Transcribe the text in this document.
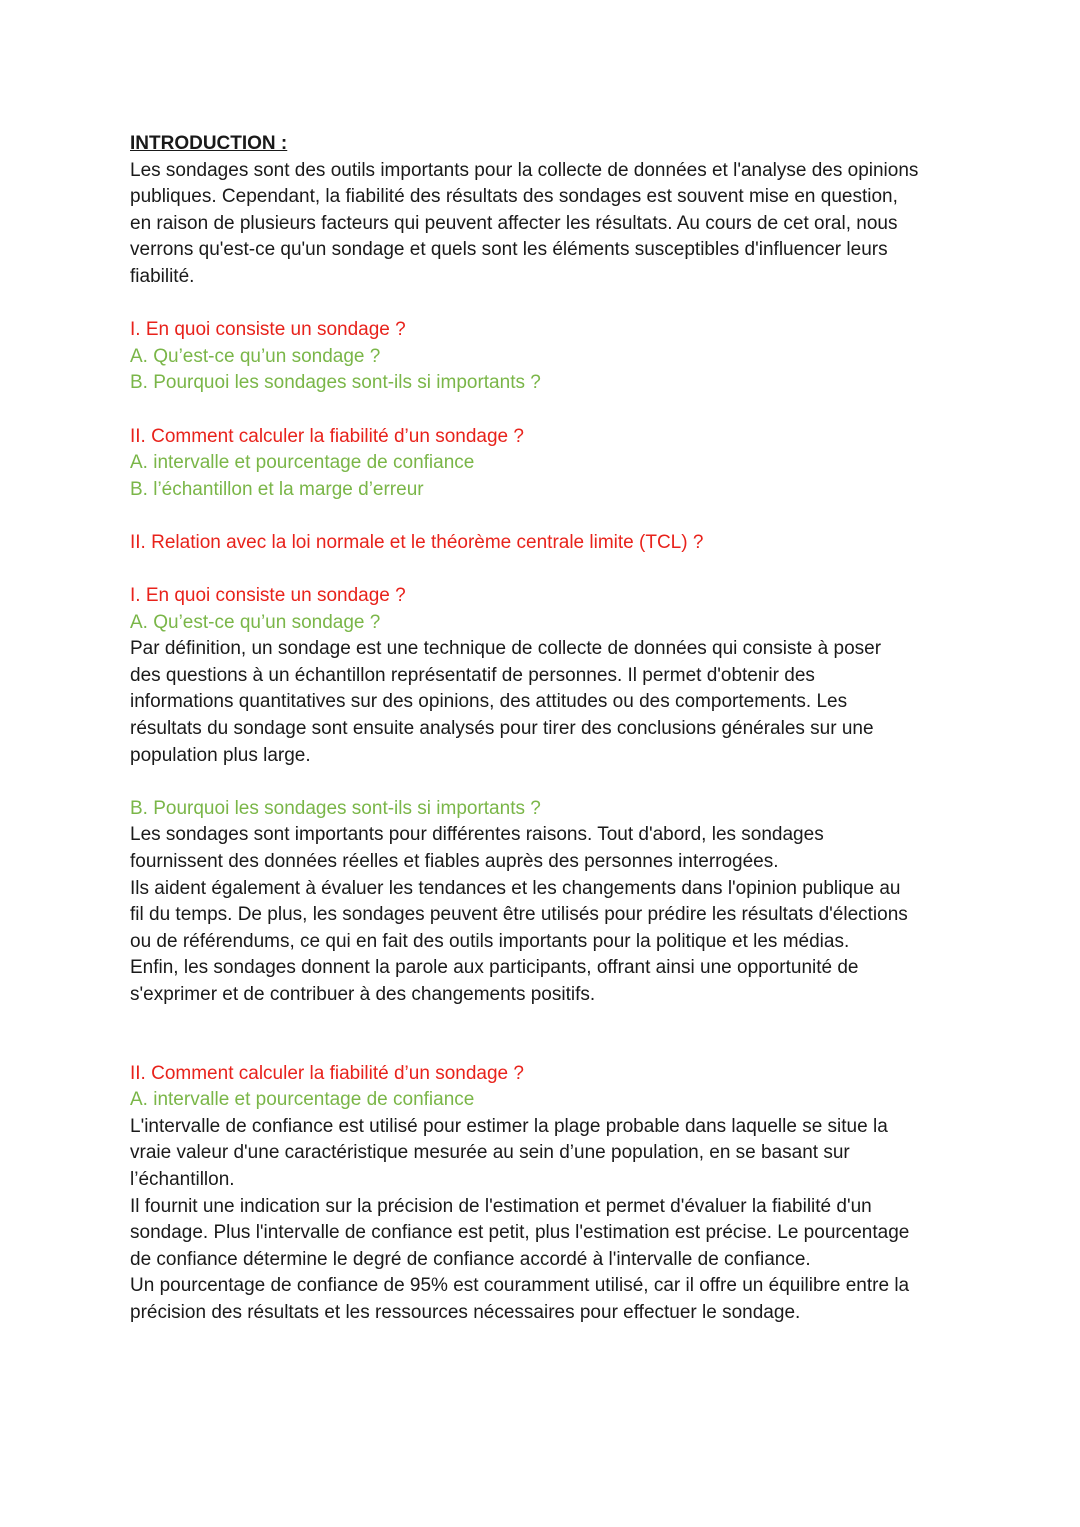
INTRODUCTION :
Les sondages sont des outils importants pour la collecte de données et l'analyse des opinions
publiques. Cependant, la fiabilité des résultats des sondages est souvent mise en question,
en raison de plusieurs facteurs qui peuvent affecter les résultats. Au cours de cet oral, nous
verrons qu'est-ce qu'un sondage et quels sont les éléments susceptibles d'influencer leurs
fiabilité.
I. En quoi consiste un sondage ?
A. Qu’est-ce qu’un sondage ?
B. Pourquoi les sondages sont-ils si importants ?
II. Comment calculer la fiabilité d’un sondage ?
A. intervalle et pourcentage de confiance
B. l’échantillon et la marge d’erreur
II. Relation avec la loi normale et le théorème centrale limite (TCL) ?
I. En quoi consiste un sondage ?
A. Qu’est-ce qu’un sondage ?
Par définition, un sondage est une technique de collecte de données qui consiste à poser
des questions à un échantillon représentatif de personnes. Il permet d'obtenir des
informations quantitatives sur des opinions, des attitudes ou des comportements. Les
résultats du sondage sont ensuite analysés pour tirer des conclusions générales sur une
population plus large.
B. Pourquoi les sondages sont-ils si importants ?
Les sondages sont importants pour différentes raisons. Tout d'abord, les sondages
fournissent des données réelles et fiables auprès des personnes interrogées.
Ils aident également à évaluer les tendances et les changements dans l'opinion publique au
fil du temps. De plus, les sondages peuvent être utilisés pour prédire les résultats d'élections
ou de référendums, ce qui en fait des outils importants pour la politique et les médias.
Enfin, les sondages donnent la parole aux participants, offrant ainsi une opportunité de
s'exprimer et de contribuer à des changements positifs.
II. Comment calculer la fiabilité d’un sondage ?
A. intervalle et pourcentage de confiance
L'intervalle de confiance est utilisé pour estimer la plage probable dans laquelle se situe la
vraie valeur d'une caractéristique mesurée au sein d’une population, en se basant sur
l’échantillon.
Il fournit une indication sur la précision de l'estimation et permet d'évaluer la fiabilité d'un
sondage. Plus l'intervalle de confiance est petit, plus l'estimation est précise. Le pourcentage
de confiance détermine le degré de confiance accordé à l'intervalle de confiance.
Un pourcentage de confiance de 95% est couramment utilisé, car il offre un équilibre entre la
précision des résultats et les ressources nécessaires pour effectuer le sondage.
